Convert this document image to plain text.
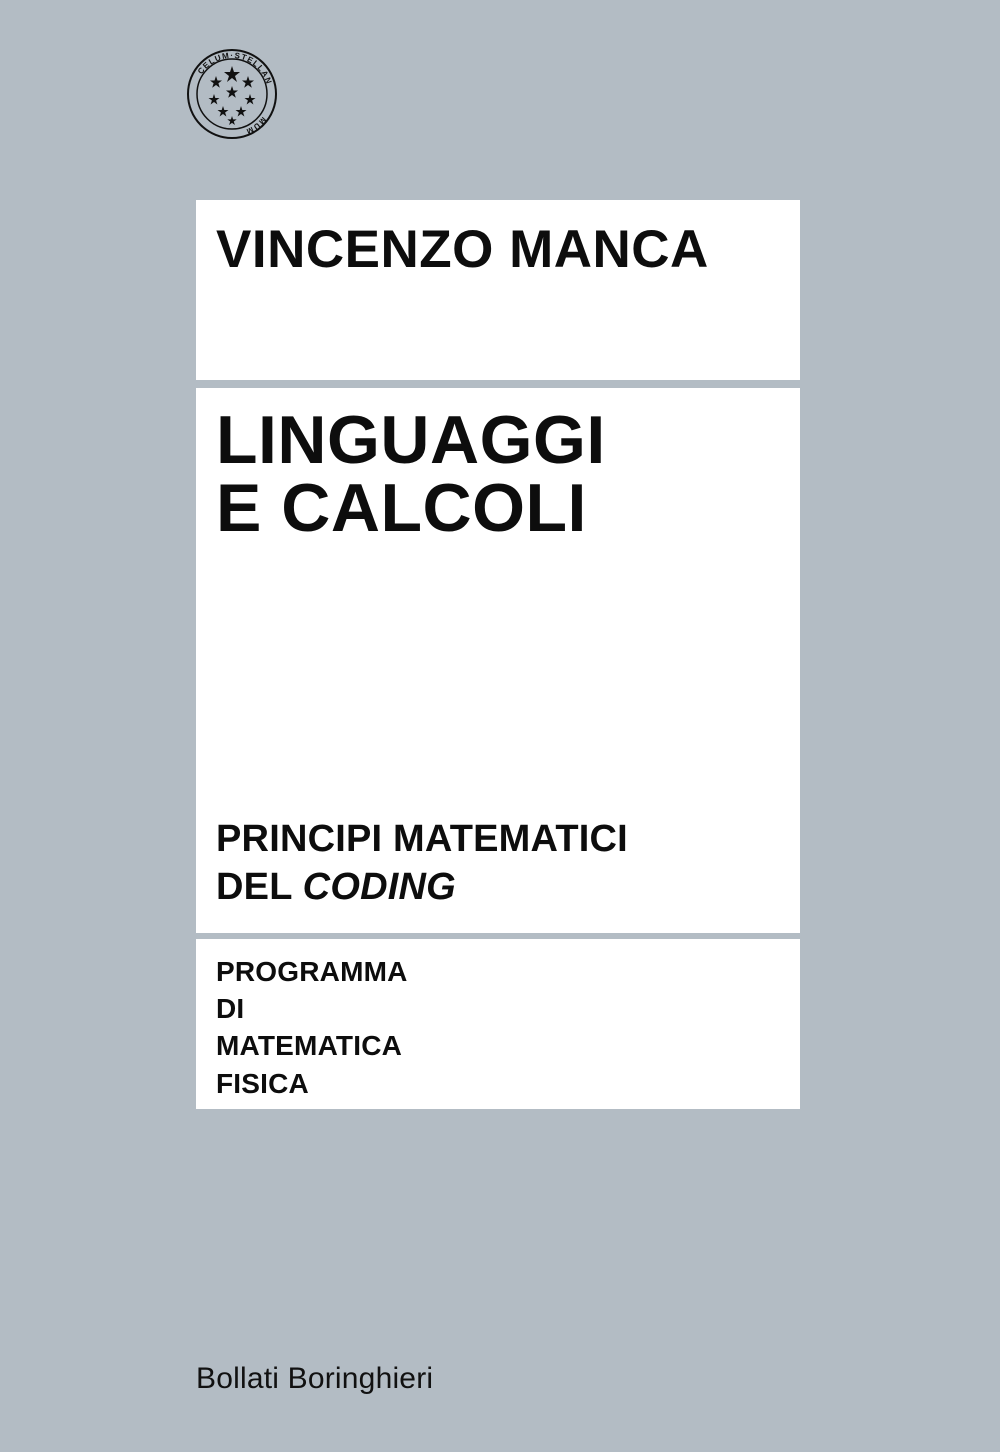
CELUM·STELLAN
MUM
VINCENZO MANCA
LINGUAGGI
E CALCOLI
PRINCIPI MATEMATICI
DEL CODING
PROGRAMMA
DI
MATEMATICA
FISICA
Bollati Boringhieri
